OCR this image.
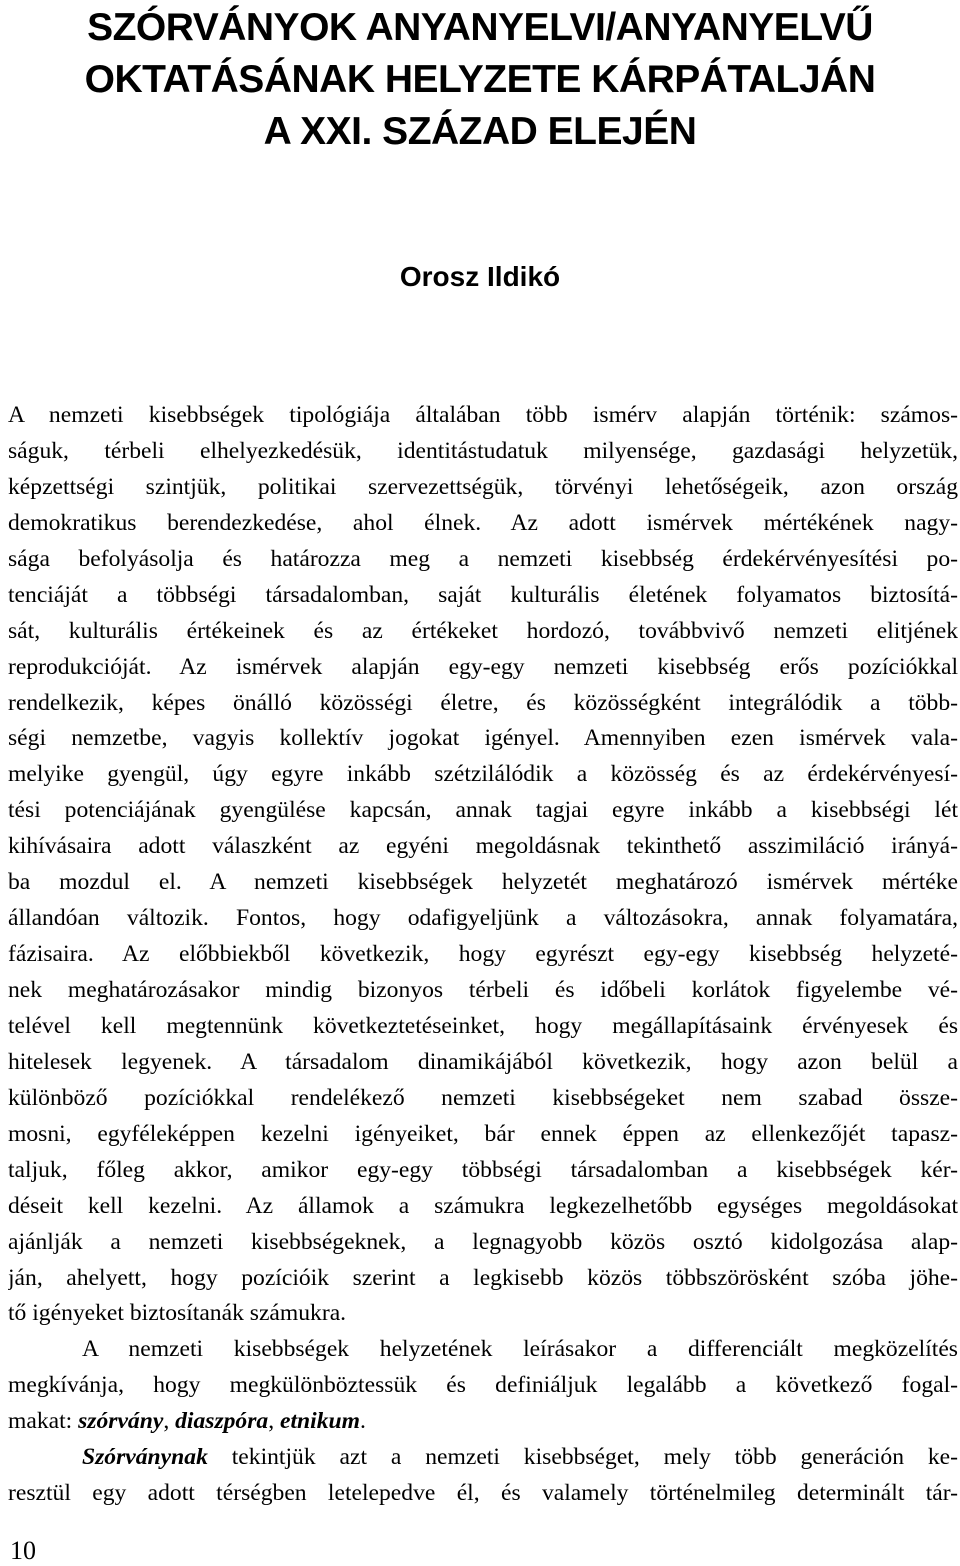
SZÓRVÁNYOK ANYANYELVI/ANYANYELVŰ
OKTATÁSÁNAK HELYZETE KÁRPÁTALJÁN
A XXI. SZÁZAD ELEJÉN
Orosz Ildikó

A nemzeti kisebbségek tipológiája általában több ismérv alapján történik: számos-
ságuk, térbeli elhelyezkedésük, identitástudatuk milyensége, gazdasági helyzetük,
képzettségi szintjük, politikai szervezettségük, törvényi lehetőségeik, azon ország
demokratikus berendezkedése, ahol élnek. Az adott ismérvek mértékének nagy-
sága befolyásolja és határozza meg a nemzeti kisebbség érdekérvényesítési po-
tenciáját a többségi társadalomban, saját kulturális életének folyamatos biztosítá-
sát, kulturális értékeinek és az értékeket hordozó, továbbvivő nemzeti elitjének
reprodukcióját. Az ismérvek alapján egy-egy nemzeti kisebbség erős pozíciókkal
rendelkezik, képes önálló közösségi életre, és közösségként integrálódik a több-
ségi nemzetbe, vagyis kollektív jogokat igényel. Amennyiben ezen ismérvek vala-
melyike gyengül, úgy egyre inkább szétzilálódik a közösség és az érdekérvényesí-
tési potenciájának gyengülése kapcsán, annak tagjai egyre inkább a kisebbségi lét
kihívásaira adott válaszként az egyéni megoldásnak tekinthető asszimiláció irányá-
ba mozdul el. A nemzeti kisebbségek helyzetét meghatározó ismérvek mértéke
állandóan változik. Fontos, hogy odafigyeljünk a változásokra, annak folyamatára,
fázisaira. Az előbbiekből következik, hogy egyrészt egy-egy kisebbség helyzeté-
nek meghatározásakor mindig bizonyos térbeli és időbeli korlátok figyelembe vé-
telével kell megtennünk következtetéseinket, hogy megállapításaink érvényesek és
hitelesek legyenek. A társadalom dinamikájából következik, hogy azon belül a
különböző pozíciókkal rendelékező nemzeti kisebbségeket nem szabad össze-
mosni, egyféleképpen kezelni igényeiket, bár ennek éppen az ellenkezőjét tapasz-
taljuk, főleg akkor, amikor egy-egy többségi társadalomban a kisebbségek kér-
déseit kell kezelni. Az államok a számukra legkezelhetőbb egységes megoldásokat
ajánlják a nemzeti kisebbségeknek, a legnagyobb közös osztó kidolgozása alap-
ján, ahelyett, hogy pozícióik szerint a legkisebb közös többszörösként szóba jöhe-
tő igényeket biztosítanák számukra.

A nemzeti kisebbségek helyzetének leírásakor a differenciált megközelítés
megkívánja, hogy megkülönböztessük és definiáljuk legalább a következő fogal-
makat: szórvány, diaszpóra, etnikum.

Szórványnak tekintjük azt a nemzeti kisebbséget, mely több generáción ke-
resztül egy adott térségben letelepedve él, és valamely történelmileg determinált tár-

10
